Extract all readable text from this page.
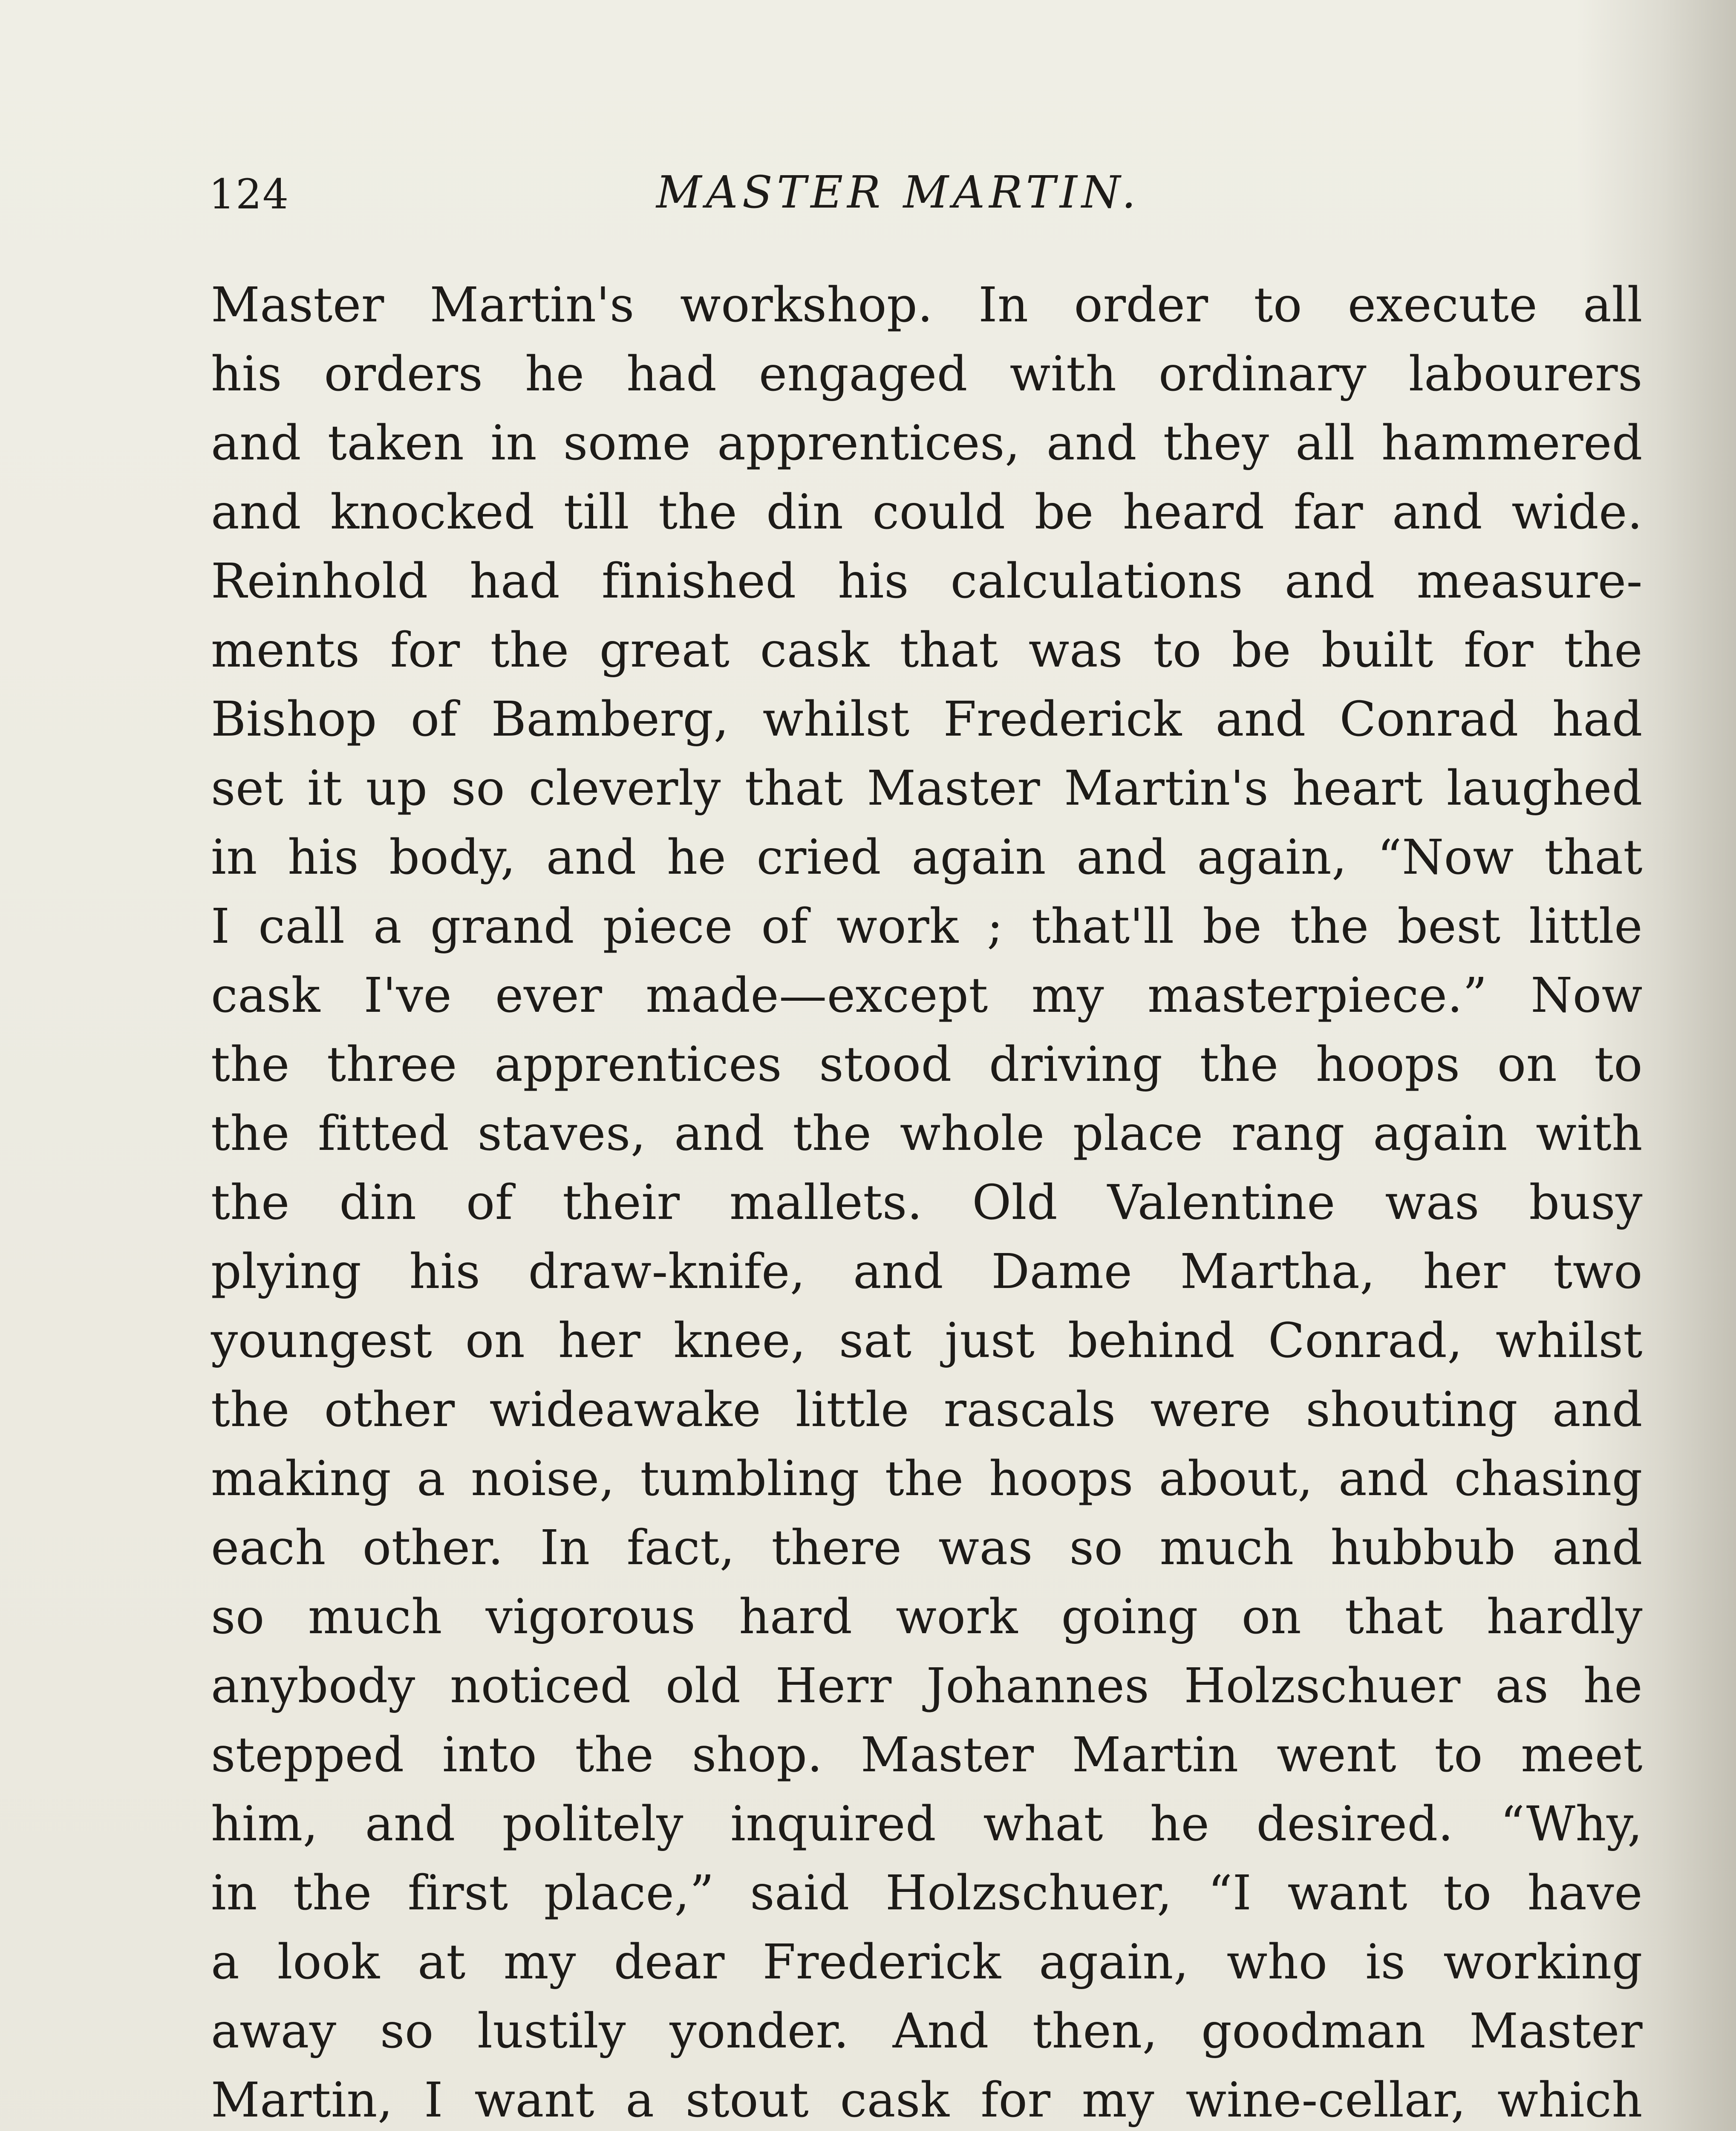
124	MASTER MARTIN.
Master Martin's workshop. In order to execute all
his orders he had engaged with ordinary labourers
and taken in some apprentices, and they all hammered
and knocked till the din could be heard far and wide.
Reinhold had finished his calculations and measure-
ments for the great cask that was to be built for the
Bishop of Bamberg, whilst Frederick and Conrad had
set it up so cleverly that Master Martin's heart laughed
in his body, and he cried again and again, “Now that
I call a grand piece of work ; that'll be the best little
cask I've ever made—except my masterpiece.” Now
the three apprentices stood driving the hoops on to
the fitted staves, and the whole place rang again with
the din of their mallets. Old Valentine was busy
plying his draw-knife, and Dame Martha, her two
youngest on her knee, sat just behind Conrad, whilst
the other wideawake little rascals were shouting and
making a noise, tumbling the hoops about, and chasing
each other. In fact, there was so much hubbub and
so much vigorous hard work going on that hardly
anybody noticed old Herr Johannes Holzschuer as he
stepped into the shop. Master Martin went to meet
him, and politely inquired what he desired. “Why,
in the first place,” said Holzschuer, “I want to have
a look at my dear Frederick again, who is working
away so lustily yonder. And then, goodman Master
Martin, I want a stout cask for my wine-cellar, which
